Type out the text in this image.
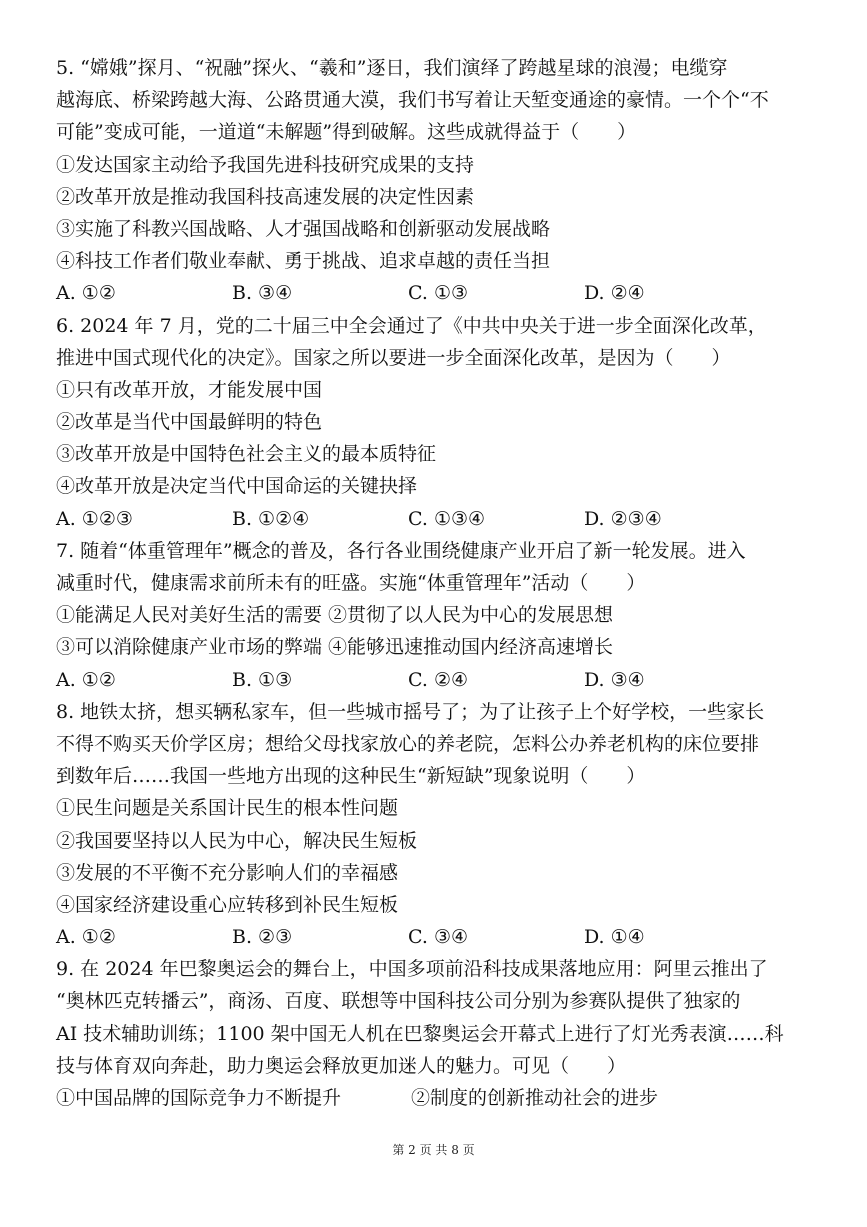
5. “嫦娥”探月、“祝融”探火、“羲和”逐日，我们演绎了跨越星球的浪漫；电缆穿
越海底、桥梁跨越大海、公路贯通大漠，我们书写着让天堑变通途的豪情。一个个“不
可能”变成可能，一道道“未解题”得到破解。这些成就得益于（　　）
①发达国家主动给予我国先进科技研究成果的支持
②改革开放是推动我国科技高速发展的决定性因素
③实施了科教兴国战略、人才强国战略和创新驱动发展战略
④科技工作者们敬业奉献、勇于挑战、追求卓越的责任当担
A. ①②	B. ③④	C. ①③	D. ②④
6. 2024 年 7 月，党的二十届三中全会通过了《中共中央关于进一步全面深化改革，
推进中国式现代化的决定》。国家之所以要进一步全面深化改革，是因为（　　）
①只有改革开放，才能发展中国
②改革是当代中国最鲜明的特色
③改革开放是中国特色社会主义的最本质特征
④改革开放是决定当代中国命运的关键抉择
A. ①②③	B. ①②④	C. ①③④	D. ②③④
7. 随着“体重管理年”概念的普及，各行各业围绕健康产业开启了新一轮发展。进入
减重时代，健康需求前所未有的旺盛。实施“体重管理年”活动（　　）
①能满足人民对美好生活的需要 ②贯彻了以人民为中心的发展思想
③可以消除健康产业市场的弊端 ④能够迅速推动国内经济高速增长
A. ①②	B. ①③	C. ②④	D. ③④
8. 地铁太挤，想买辆私家车，但一些城市摇号了；为了让孩子上个好学校，一些家长
不得不购买天价学区房；想给父母找家放心的养老院，怎料公办养老机构的床位要排
到数年后……我国一些地方出现的这种民生“新短缺”现象说明（　　）
①民生问题是关系国计民生的根本性问题
②我国要坚持以人民为中心，解决民生短板
③发展的不平衡不充分影响人们的幸福感
④国家经济建设重心应转移到补民生短板
A. ①②	B. ②③	C. ③④	D. ①④
9. 在 2024 年巴黎奥运会的舞台上，中国多项前沿科技成果落地应用：阿里云推出了
“奥林匹克转播云”，商汤、百度、联想等中国科技公司分别为参赛队提供了独家的
AI 技术辅助训练；1100 架中国无人机在巴黎奥运会开幕式上进行了灯光秀表演……科
技与体育双向奔赴，助力奥运会释放更加迷人的魅力。可见（　　）
①中国品牌的国际竞争力不断提升	②制度的创新推动社会的进步
第 2 页 共 8 页
